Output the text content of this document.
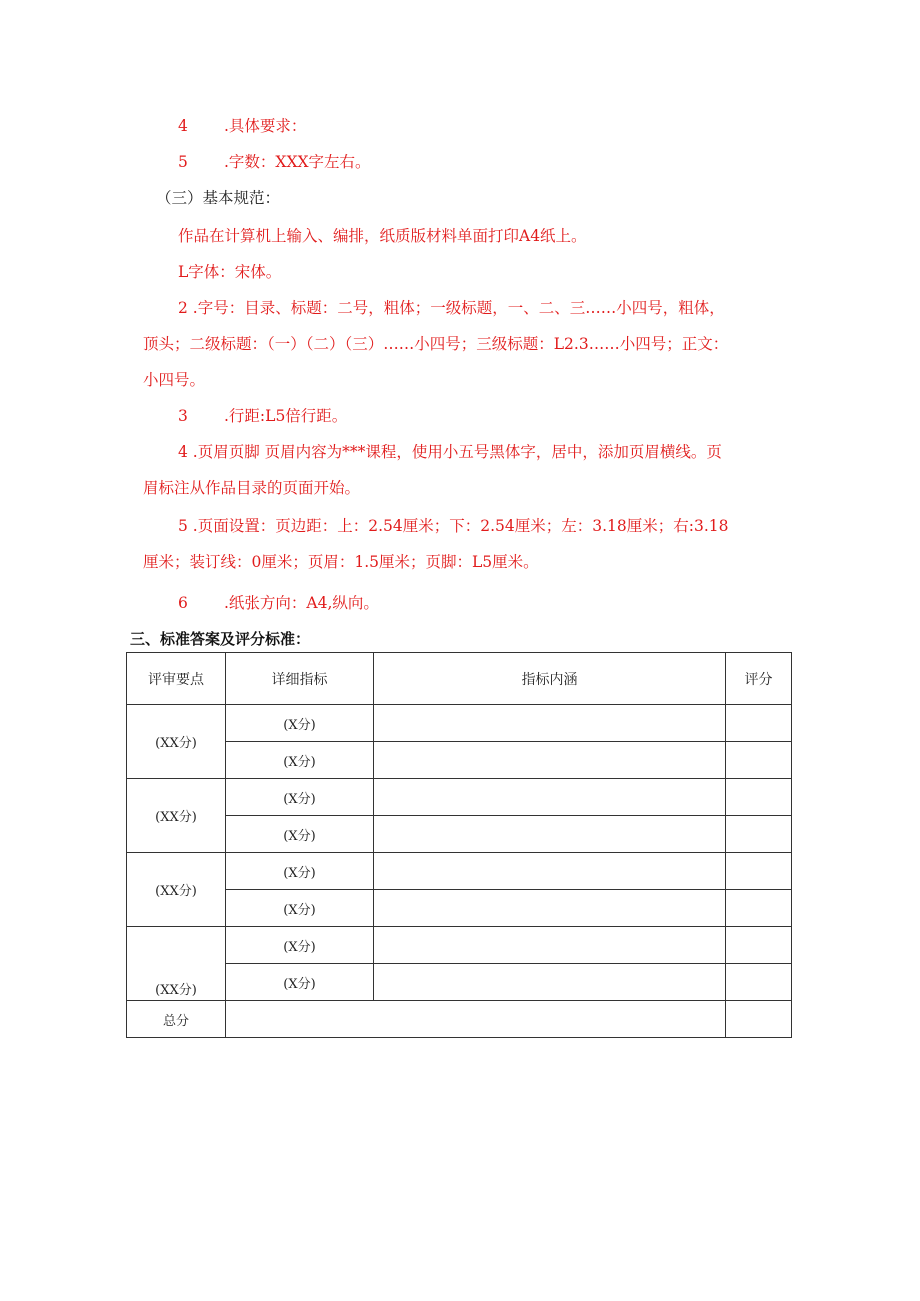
4 .具体要求：
5 .字数：XXX字左右。
（三）基本规范：
作品在计算机上输入、编排，纸质版材料单面打印A4纸上。
L字体：宋体。
2 .字号：目录、标题：二号，粗体；一级标题，一、二、三……小四号，粗体，
顶头；二级标题：（一）（二）（三）……小四号；三级标题：L2.3……小四号；正文：
小四号。
3 .行距:L5倍行距。
4 .页眉页脚 页眉内容为***课程，使用小五号黑体字，居中，添加页眉横线。页
眉标注从作品目录的页面开始。
5 .页面设置：页边距：上：2.54厘米；下：2.54厘米；左：3.18厘米；右:3.18
厘米；装订线：0厘米；页眉：1.5厘米；页脚：L5厘米。
6 .纸张方向：A4,纵向。
三、标准答案及评分标准：
评审要点	详细指标	指标内涵	评分
(XX分)	(X分)		
	(X分)		
(XX分)	(X分)		
	(X分)		
(XX分)	(X分)		
	(X分)		
(XX分)	(X分)		
	(X分)		
总分			
